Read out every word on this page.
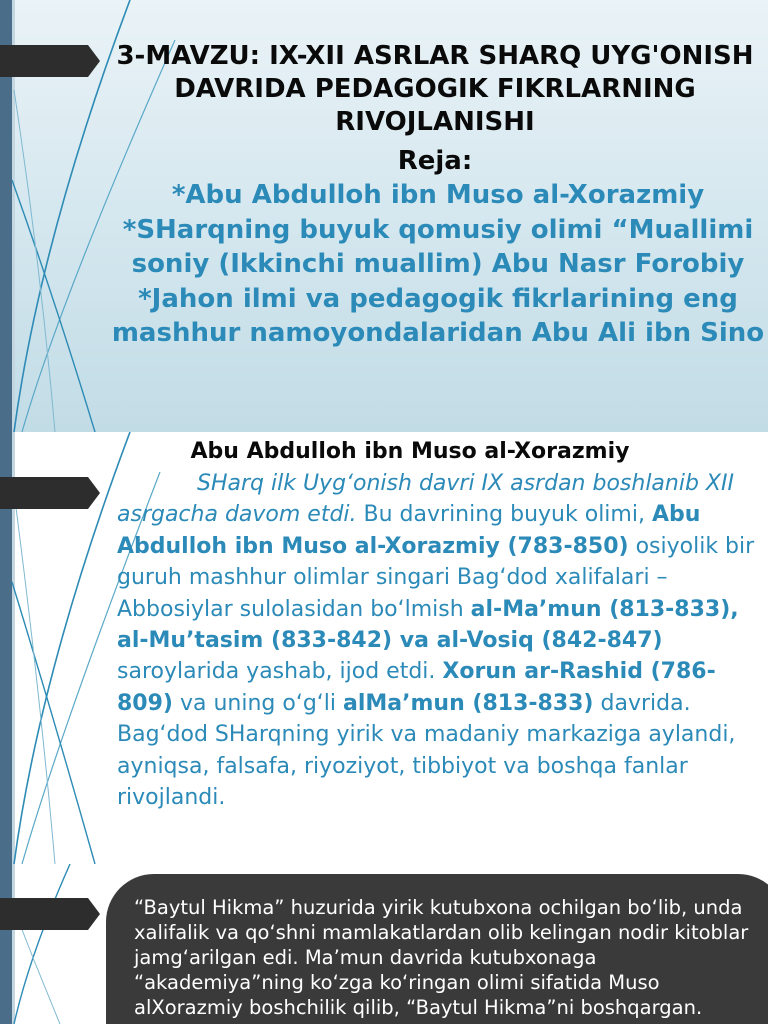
3-MAVZU: IX-XII ASRLAR SHARQ UYG'ONISH DAVRIDA PEDAGOGIK FIKRLARNING RIVOJLANISHI

Reja:

*Abu Abdulloh ibn Muso al-Xorazmiy
*SHarqning buyuk qomusiy olimi “Muallimi soniy (Ikkinchi muallim) Abu Nasr Forobiy
*Jahon ilmi va pedagogik fikrlarining eng mashhur namoyondalaridan Abu Ali ibn Sino
Abu Abdulloh ibn Muso al-Xorazmiy

SHarq ilk Uyg‘onish davri IX asrdan boshlanib XII asrgacha davom etdi. Bu davrining buyuk olimi, Abu Abdulloh ibn Muso al-Xorazmiy (783-850) osiyolik bir guruh mashhur olimlar singari Bag‘dod xalifalari – Abbosiylar sulolasidan bo‘lmish al-Ma’mun (813-833), al-Mu’tasim (833-842) va al-Vosiq (842-847) saroylarida yashab, ijod etdi. Xorun ar-Rashid (786-809) va uning o‘g‘li alMa’mun (813-833) davrida. Bag‘dod SHarqning yirik va madaniy markaziga aylandi, ayniqsa, falsafa, riyoziyot, tibbiyot va boshqa fanlar rivojlandi.

“Baytul Hikma” huzurida yirik kutubxona ochilgan bo‘lib, unda xalifalik va qo‘shni mamlakatlardan olib kelingan nodir kitoblar jamg‘arilgan edi. Ma’mun davrida kutubxonaga “akademiya”ning ko‘zga ko‘ringan olimi sifatida Muso alXorazmiy boshchilik qilib, “Baytul Hikma”ni boshqargan.
